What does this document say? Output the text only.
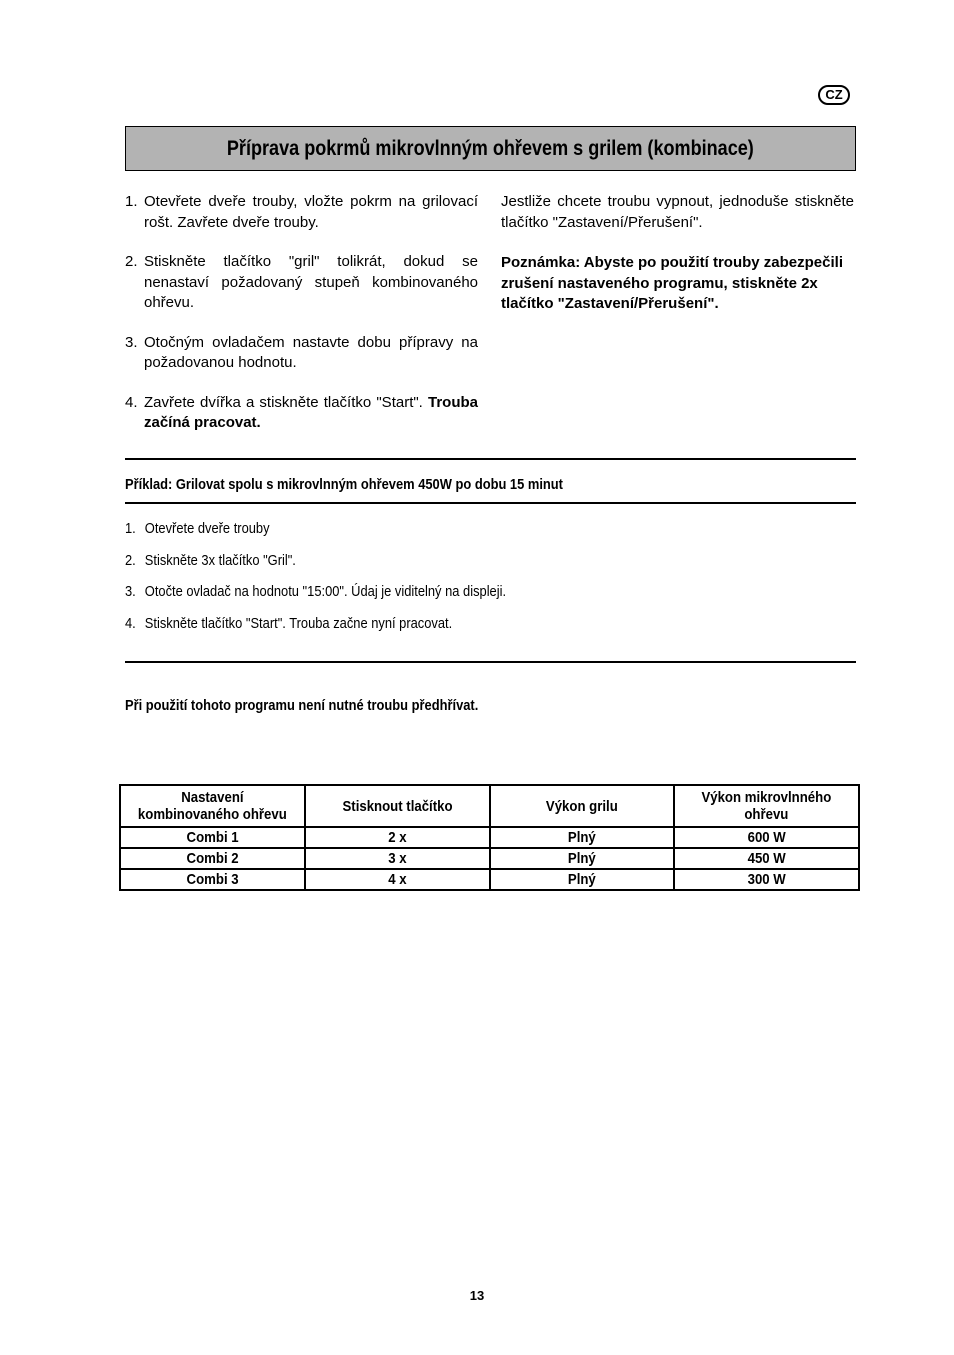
CZ
Příprava pokrmů mikrovlnným ohřevem s grilem (kombinace)
1. Otevřete dveře trouby, vložte pokrm na grilovací rošt. Zavřete dveře trouby.
2. Stiskněte tlačítko "gril" tolikrát, dokud se nenastaví požadovaný stupeň kombinovaného ohřevu.
3. Otočným ovladačem nastavte dobu přípravy na požadovanou hodnotu.
4. Zavřete dvířka a stiskněte tlačítko "Start". Trouba začíná pracovat.
Jestliže chcete troubu vypnout, jednoduše stiskněte tlačítko "Zastavení/Přerušení".
Poznámka: Abyste po použití trouby zabezpečili zrušení nastaveného programu, stiskněte 2x tlačítko "Zastavení/Přerušení".
Příklad: Grilovat spolu s mikrovlnným ohřevem 450W po dobu 15 minut
1. Otevřete dveře trouby
2. Stiskněte 3x tlačítko "Gril".
3. Otočte ovladač na hodnotu "15:00". Údaj je viditelný na displeji.
4. Stiskněte tlačítko "Start". Trouba začne nyní pracovat.
Při použití tohoto programu není nutné troubu předhřívat.
Nastavení kombinovaného ohřevu	Stisknout tlačítko	Výkon grilu	Výkon mikrovlnného ohřevu
Combi 1	2 x	Plný	600 W
Combi 2	3 x	Plný	450 W
Combi 3	4 x	Plný	300 W
13
